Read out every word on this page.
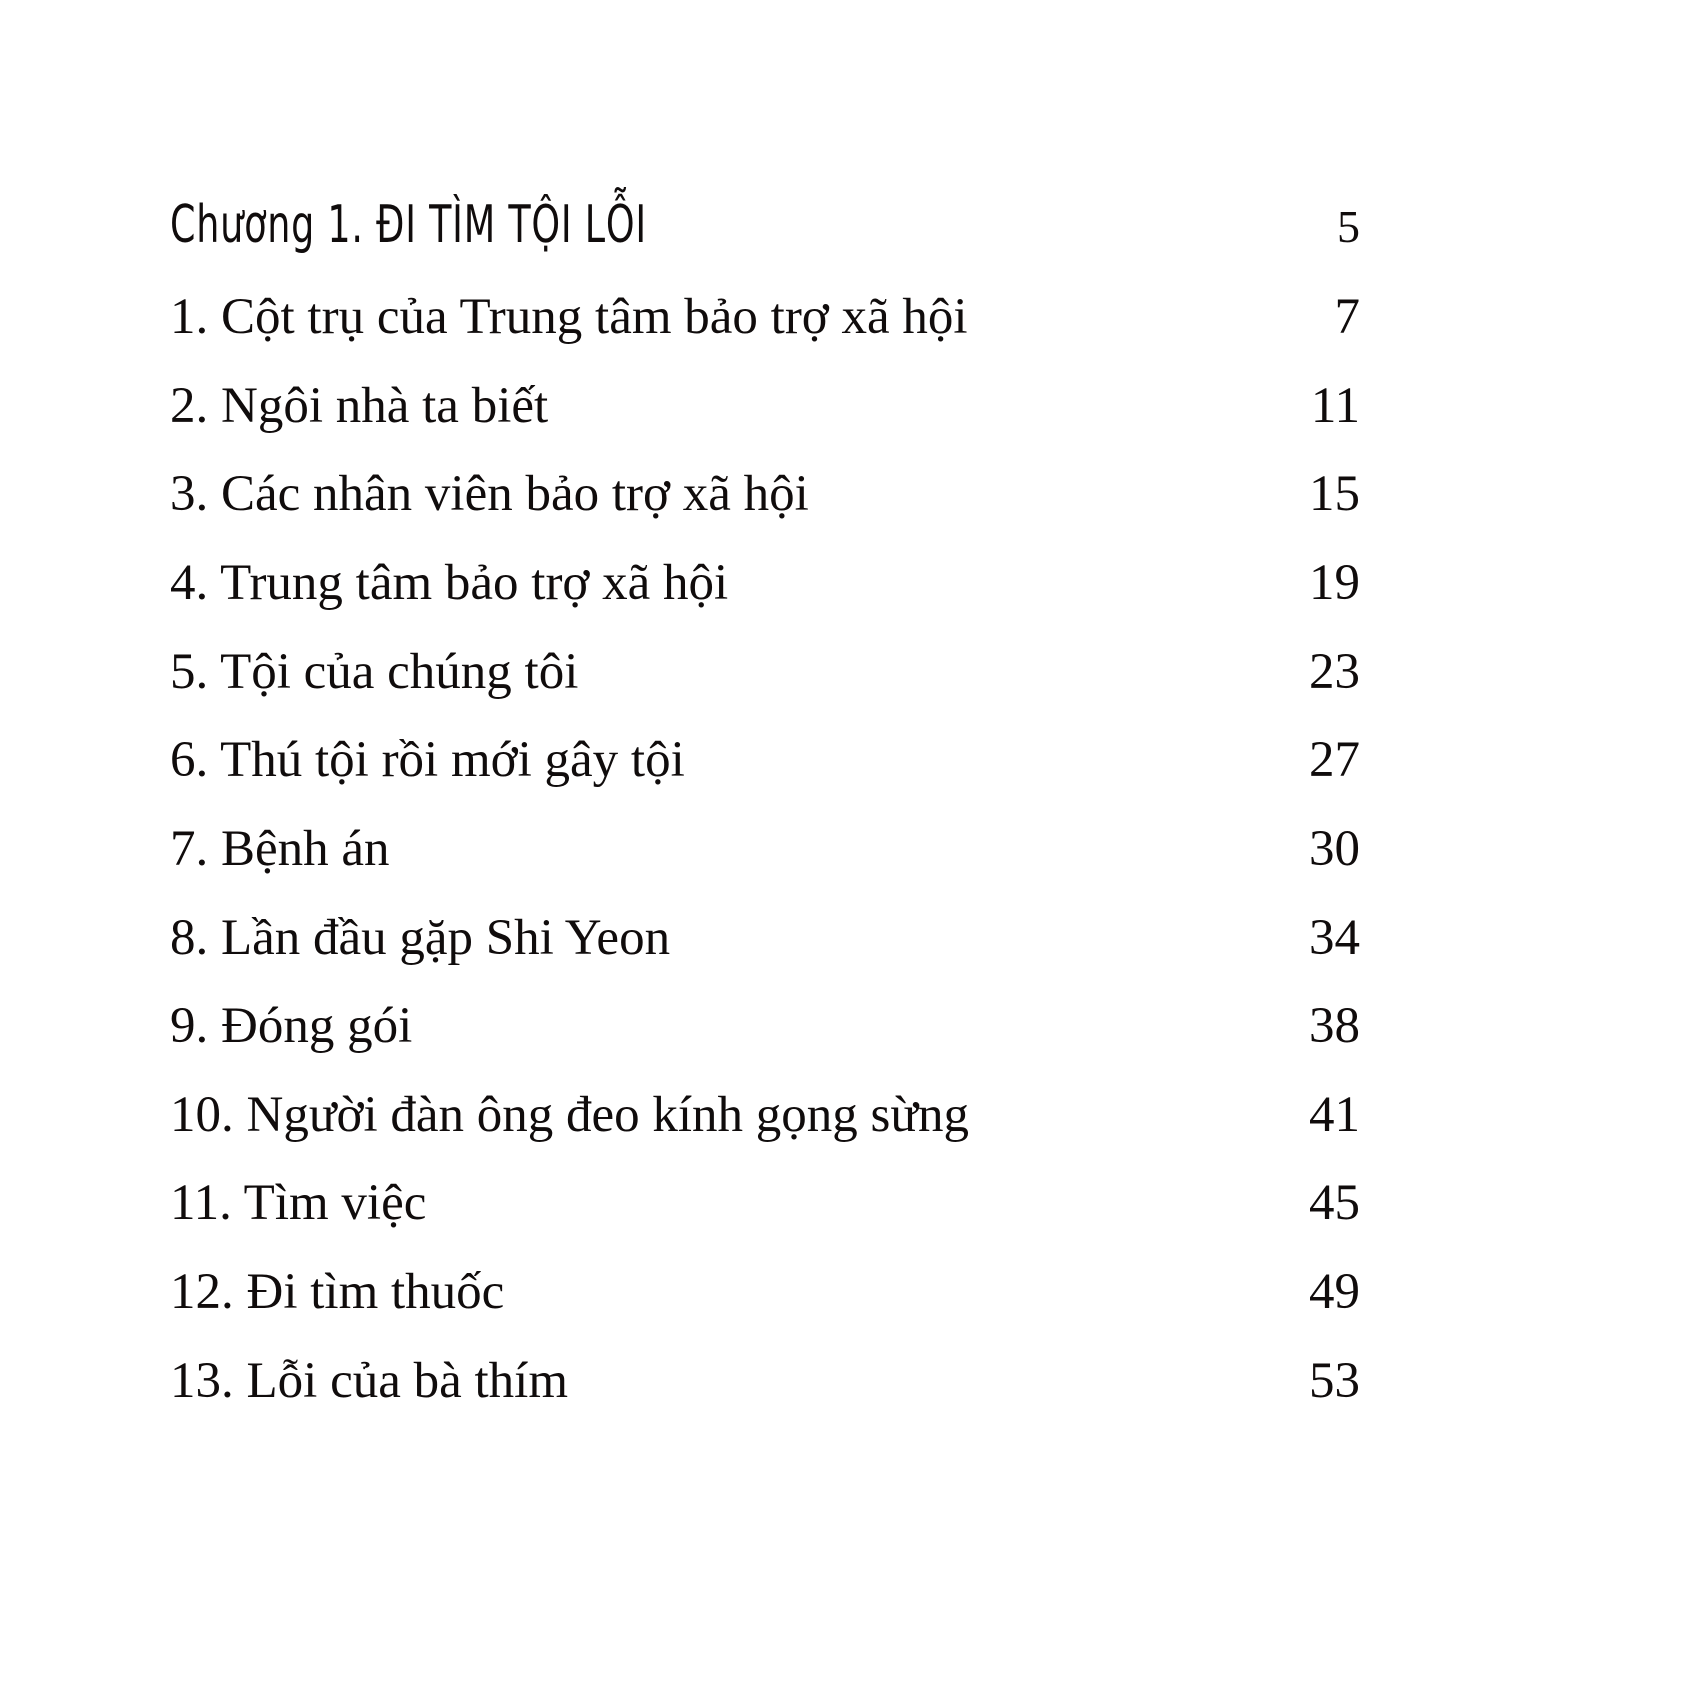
Chương 1. ĐI TÌM TỘI LỖI	5
1. Cột trụ của Trung tâm bảo trợ xã hội	7
2. Ngôi nhà ta biết	11
3. Các nhân viên bảo trợ xã hội	15
4. Trung tâm bảo trợ xã hội	19
5. Tội của chúng tôi	23
6. Thú tội rồi mới gây tội	27
7. Bệnh án	30
8. Lần đầu gặp Shi Yeon	34
9. Đóng gói	38
10. Người đàn ông đeo kính gọng sừng	41
11. Tìm việc	45
12. Đi tìm thuốc	49
13. Lỗi của bà thím	53
